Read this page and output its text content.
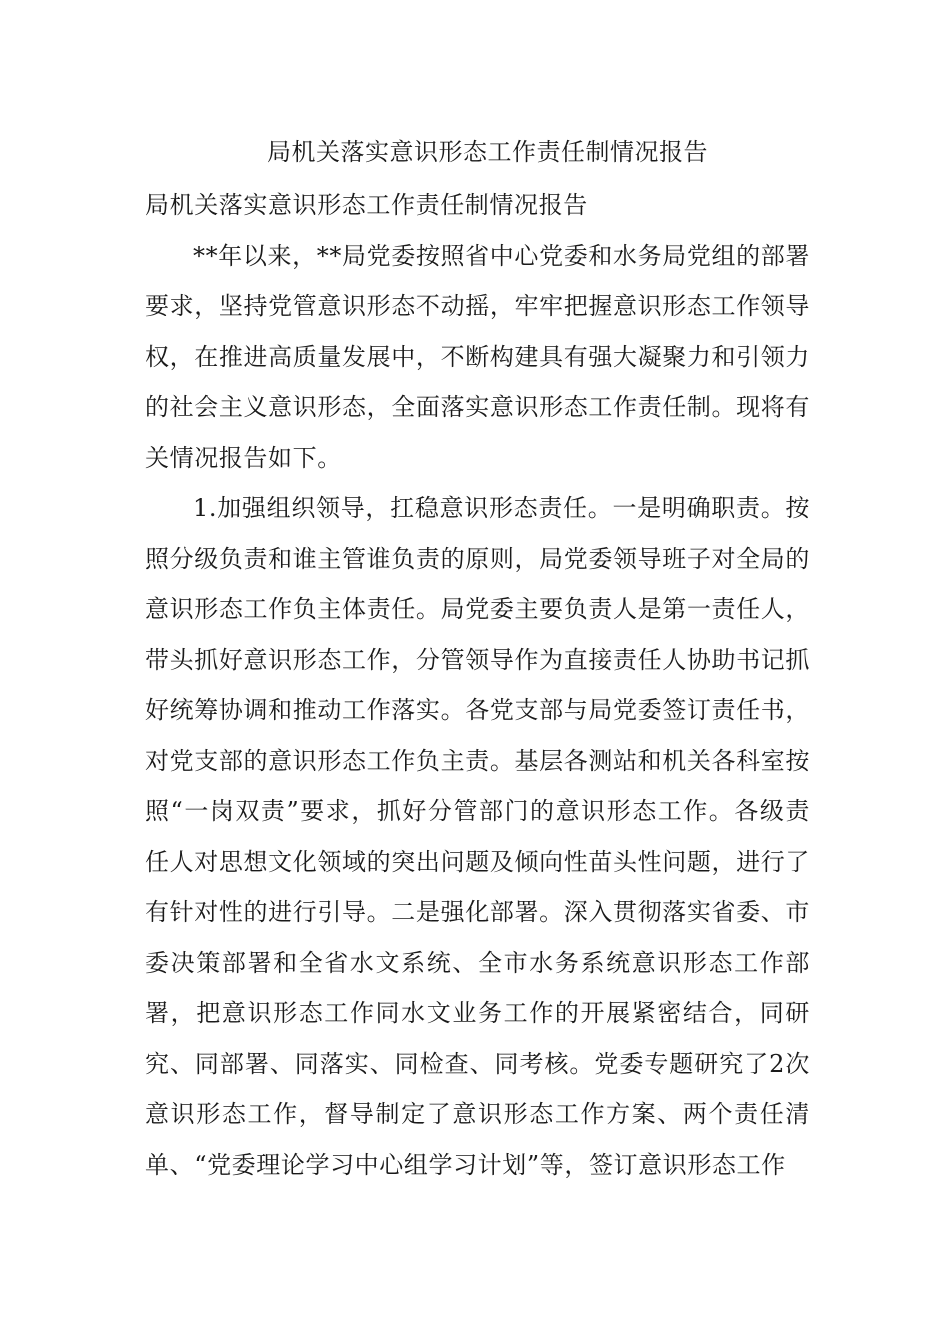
局机关落实意识形态工作责任制情况报告

局机关落实意识形态工作责任制情况报告

**年以来，**局党委按照省中心党委和水务局党组的部署要求，坚持党管意识形态不动摇，牢牢把握意识形态工作领导权，在推进高质量发展中，不断构建具有强大凝聚力和引领力的社会主义意识形态，全面落实意识形态工作责任制。现将有关情况报告如下。

1.加强组织领导，扛稳意识形态责任。一是明确职责。按照分级负责和谁主管谁负责的原则，局党委领导班子对全局的意识形态工作负主体责任。局党委主要负责人是第一责任人，带头抓好意识形态工作，分管领导作为直接责任人协助书记抓好统筹协调和推动工作落实。各党支部与局党委签订责任书，对党支部的意识形态工作负主责。基层各测站和机关各科室按照“一岗双责”要求，抓好分管部门的意识形态工作。各级责任人对思想文化领域的突出问题及倾向性苗头性问题，进行了有针对性的进行引导。二是强化部署。深入贯彻落实省委、市委决策部署和全省水文系统、全市水务系统意识形态工作部署，把意识形态工作同水文业务工作的开展紧密结合，同研究、同部署、同落实、同检查、同考核。党委专题研究了2次意识形态工作，督导制定了意识形态工作方案、两个责任清单、“党委理论学习中心组学习计划”等，签订意识形态工作
